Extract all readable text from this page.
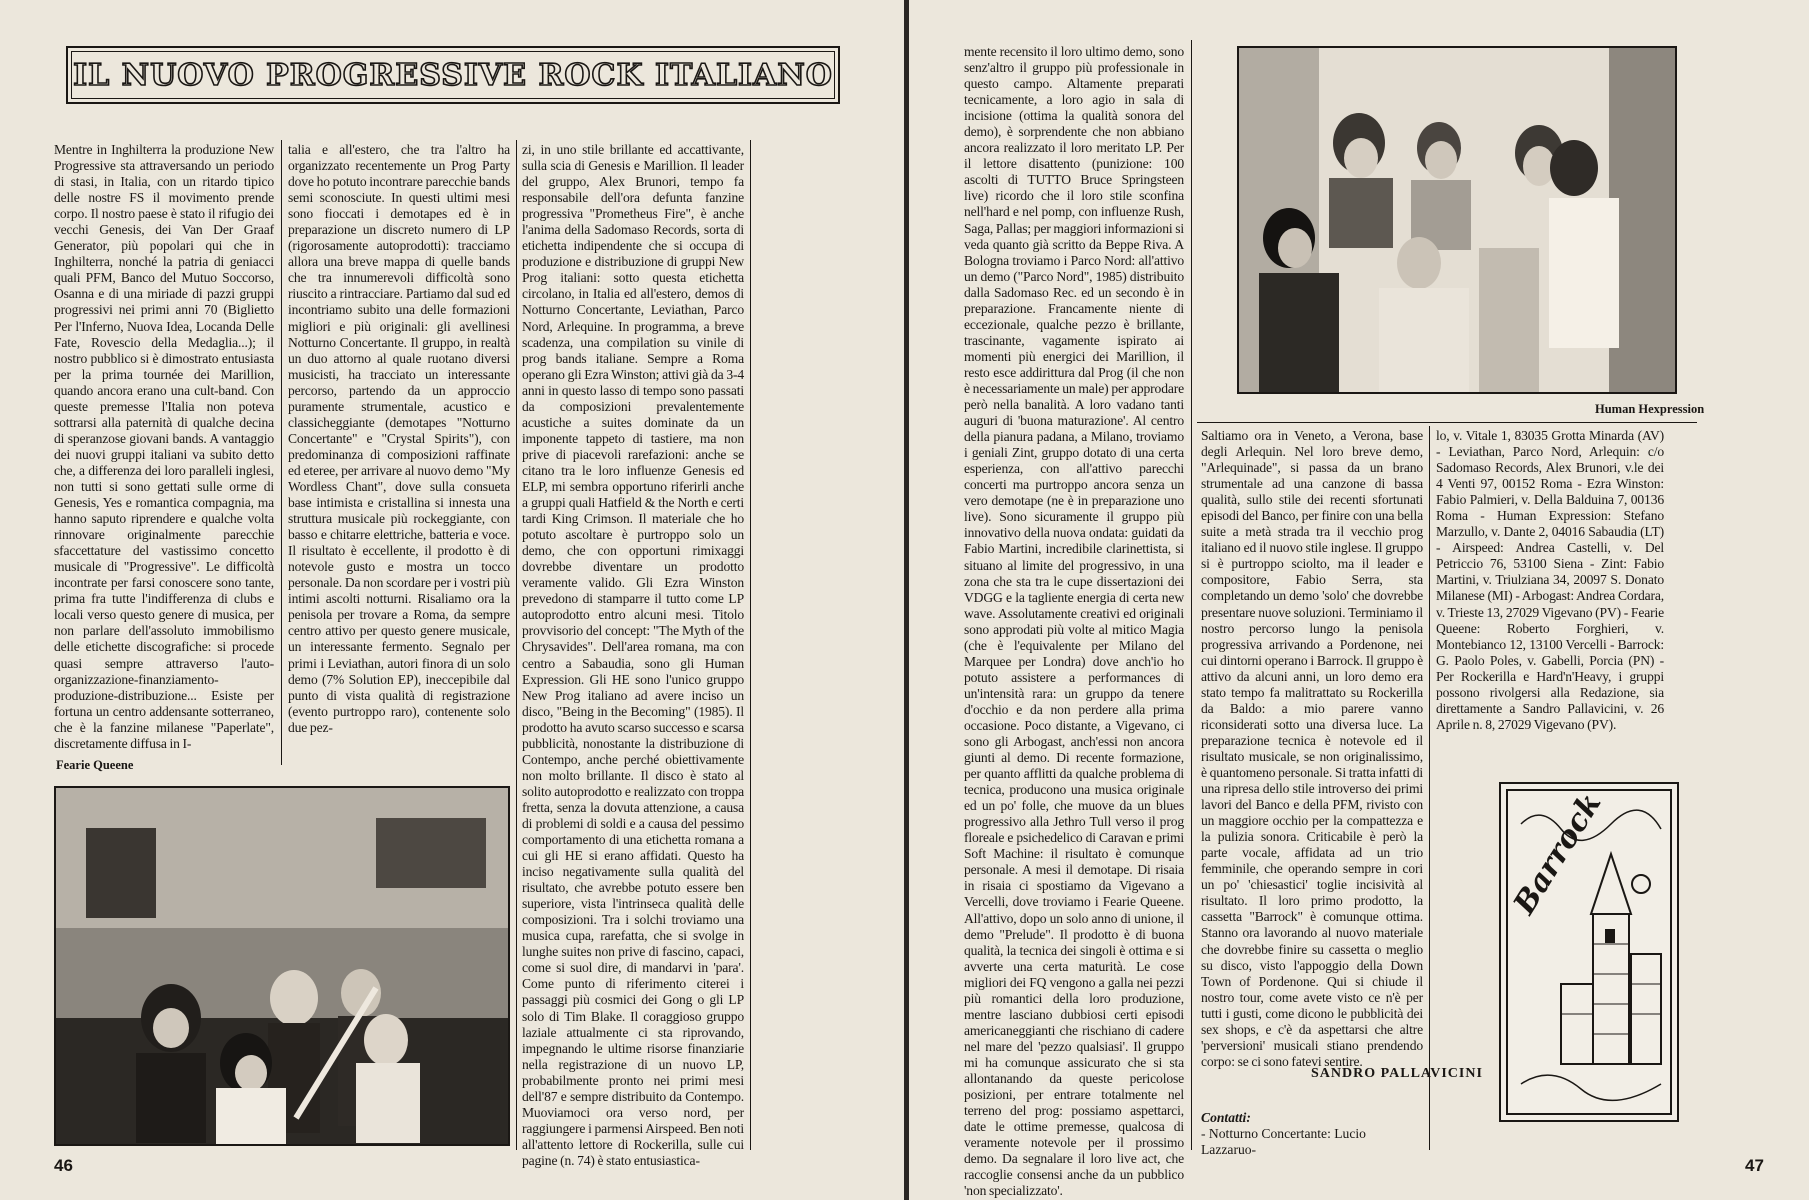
IL NUOVO PROGRESSIVE ROCK ITALIANO

Mentre in Inghilterra la produzione New Progressive sta attraversando un periodo di stasi, in Italia, con un ritardo tipico delle nostre FS il movimento prende corpo. Il nostro paese è stato il rifugio dei vecchi Genesis, dei Van Der Graaf Generator, più popolari qui che in Inghilterra, nonché la patria di geniacci quali PFM, Banco del Mutuo Soccorso, Osanna e di una miriade di pazzi gruppi progressivi nei primi anni 70 (Biglietto Per l'Inferno, Nuova Idea, Locanda Delle Fate, Rovescio della Medaglia...); il nostro pubblico si è dimostrato entusiasta per la prima tournée dei Marillion, quando ancora erano una cult-band. Con queste premesse l'Italia non poteva sottrarsi alla paternità di qualche decina di speranzose giovani bands. A vantaggio dei nuovi gruppi italiani va subito detto che, a differenza dei loro paralleli inglesi, non tutti si sono gettati sulle orme di Genesis, Yes e romantica compagnia, ma hanno saputo riprendere e qualche volta rinnovare originalmente parecchie sfaccettature del vastissimo concetto musicale di "Progressive". Le difficoltà incontrate per farsi conoscere sono tante, prima fra tutte l'indifferenza di clubs e locali verso questo genere di musica, per non parlare dell'assoluto immobilismo delle etichette discografiche: si procede quasi sempre attraverso l'auto-organizzazione-finanziamento-produzione-distribuzione... Esiste per fortuna un centro addensante sotterraneo, che è la fanzine milanese "Paperlate", discretamente diffusa in I-

talia e all'estero, che tra l'altro ha organizzato recentemente un Prog Party dove ho potuto incontrare parecchie bands semi sconosciute. In questi ultimi mesi sono fioccati i demotapes ed è in preparazione un discreto numero di LP (rigorosamente autoprodotti): tracciamo allora una breve mappa di quelle bands che tra innumerevoli difficoltà sono riuscito a rintracciare. Partiamo dal sud ed incontriamo subito una delle formazioni migliori e più originali: gli avellinesi Notturno Concertante. Il gruppo, in realtà un duo attorno al quale ruotano diversi musicisti, ha tracciato un interessante percorso, partendo da un approccio puramente strumentale, acustico e classicheggiante (demotapes "Notturno Concertante" e "Crystal Spirits"), con predominanza di composizioni raffinate ed eteree, per arrivare al nuovo demo "My Wordless Chant", dove sulla consueta base intimista e cristallina si innesta una struttura musicale più rockeggiante, con basso e chitarre elettriche, batteria e voce. Il risultato è eccellente, il prodotto è di notevole gusto e mostra un tocco personale. Da non scordare per i vostri più intimi ascolti notturni. Risaliamo ora la penisola per trovare a Roma, da sempre centro attivo per questo genere musicale, un interessante fermento. Segnalo per primi i Leviathan, autori finora di un solo demo (7% Solution EP), ineccepibile dal punto di vista qualità di registrazione (evento purtroppo raro), contenente solo due pez-

zi, in uno stile brillante ed accattivante, sulla scia di Genesis e Marillion. Il leader del gruppo, Alex Brunori, tempo fa responsabile dell'ora defunta fanzine progressiva "Prometheus Fire", è anche l'anima della Sadomaso Records, sorta di etichetta indipendente che si occupa di produzione e distribuzione di gruppi New Prog italiani: sotto questa etichetta circolano, in Italia ed all'estero, demos di Notturno Concertante, Leviathan, Parco Nord, Arlequine. In programma, a breve scadenza, una compilation su vinile di prog bands italiane. Sempre a Roma operano gli Ezra Winston; attivi già da 3-4 anni in questo lasso di tempo sono passati da composizioni prevalentemente acustiche a suites dominate da un imponente tappeto di tastiere, ma non prive di piacevoli rarefazioni: anche se citano tra le loro influenze Genesis ed ELP, mi sembra opportuno riferirli anche a gruppi quali Hatfield & the North e certi tardi King Crimson. Il materiale che ho potuto ascoltare è purtroppo solo un demo, che con opportuni rimixaggi dovrebbe diventare un prodotto veramente valido. Gli Ezra Winston prevedono di stamparre il tutto come LP autoprodotto entro alcuni mesi. Titolo provvisorio del concept: "The Myth of the Chrysavides". Dell'area romana, ma con centro a Sabaudia, sono gli Human Expression. Gli HE sono l'unico gruppo New Prog italiano ad avere inciso un disco, "Being in the Becoming" (1985). Il prodotto ha avuto scarso successo e scarsa pubblicità, nonostante la distribuzione di Contempo, anche perché obiettivamente non molto brillante. Il disco è stato al solito autoprodotto e realizzato con troppa fretta, senza la dovuta attenzione, a causa di problemi di soldi e a causa del pessimo comportamento di una etichetta romana a cui gli HE si erano affidati. Questo ha inciso negativamente sulla qualità del risultato, che avrebbe potuto essere ben superiore, vista l'intrinseca qualità delle composizioni. Tra i solchi troviamo una musica cupa, rarefatta, che si svolge in lunghe suites non prive di fascino, capaci, come si suol dire, di mandarvi in 'para'. Come punto di riferimento citerei i passaggi più cosmici dei Gong o gli LP solo di Tim Blake. Il coraggioso gruppo laziale attualmente ci sta riprovando, impegnando le ultime risorse finanziarie nella registrazione di un nuovo LP, probabilmente pronto nei primi mesi dell'87 e sempre distribuito da Contempo. Muoviamoci ora verso nord, per raggiungere i parmensi Airspeed. Ben noti all'attento lettore di Rockerilla, sulle cui pagine (n. 74) è stato entusiastica-

Fearie Queene
46

mente recensito il loro ultimo demo, sono senz'altro il gruppo più professionale in questo campo. Altamente preparati tecnicamente, a loro agio in sala di incisione (ottima la qualità sonora del demo), è sorprendente che non abbiano ancora realizzato il loro meritato LP. Per il lettore disattento (punizione: 100 ascolti di TUTTO Bruce Springsteen live) ricordo che il loro stile sconfina nell'hard e nel pomp, con influenze Rush, Saga, Pallas; per maggiori informazioni si veda quanto già scritto da Beppe Riva. A Bologna troviamo i Parco Nord: all'attivo un demo ("Parco Nord", 1985) distribuito dalla Sadomaso Rec. ed un secondo è in preparazione. Francamente niente di eccezionale, qualche pezzo è brillante, trascinante, vagamente ispirato ai momenti più energici dei Marillion, il resto esce addirittura dal Prog (il che non è necessariamente un male) per approdare però nella banalità. A loro vadano tanti auguri di 'buona maturazione'. Al centro della pianura padana, a Milano, troviamo i geniali Zint, gruppo dotato di una certa esperienza, con all'attivo parecchi concerti ma purtroppo ancora senza un vero demotape (ne è in preparazione uno live). Sono sicuramente il gruppo più innovativo della nuova ondata: guidati da Fabio Martini, incredibile clarinettista, si situano al limite del progressivo, in una zona che sta tra le cupe dissertazioni dei VDGG e la tagliente energia di certa new wave. Assolutamente creativi ed originali sono approdati più volte al mitico Magia (che è l'equivalente per Milano del Marquee per Londra) dove anch'io ho potuto assistere a performances di un'intensità rara: un gruppo da tenere d'occhio e da non perdere alla prima occasione. Poco distante, a Vigevano, ci sono gli Arbogast, anch'essi non ancora giunti al demo. Di recente formazione, per quanto afflitti da qualche problema di tecnica, producono una musica originale ed un po' folle, che muove da un blues progressivo alla Jethro Tull verso il prog floreale e psichedelico di Caravan e primi Soft Machine: il risultato è comunque personale. A mesi il demotape. Di risaia in risaia ci spostiamo da Vigevano a Vercelli, dove troviamo i Fearie Queene. All'attivo, dopo un solo anno di unione, il demo "Prelude". Il prodotto è di buona qualità, la tecnica dei singoli è ottima e si avverte una certa maturità. Le cose migliori dei FQ vengono a galla nei pezzi più romantici della loro produzione, mentre lasciano dubbiosi certi episodi americaneggianti che rischiano di cadere nel mare del 'pezzo qualsiasi'. Il gruppo mi ha comunque assicurato che si sta allontanando da queste pericolose posizioni, per entrare totalmente nel terreno del prog: possiamo aspettarci, date le ottime premesse, qualcosa di veramente notevole per il prossimo demo. Da segnalare il loro live act, che raccoglie consensi anche da un pubblico 'non specializzato'.

Human Hexpression

Saltiamo ora in Veneto, a Verona, base degli Arlequin. Nel loro breve demo, "Arlequinade", si passa da un brano strumentale ad una canzone di bassa qualità, sullo stile dei recenti sfortunati episodi del Banco, per finire con una bella suite a metà strada tra il vecchio prog italiano ed il nuovo stile inglese. Il gruppo si è purtroppo sciolto, ma il leader e compositore, Fabio Serra, sta completando un demo 'solo' che dovrebbe presentare nuove soluzioni. Terminiamo il nostro percorso lungo la penisola progressiva arrivando a Pordenone, nei cui dintorni operano i Barrock. Il gruppo è attivo da alcuni anni, un loro demo era stato tempo fa malitrattato su Rockerilla da Baldo: a mio parere vanno riconsiderati sotto una diversa luce. La preparazione tecnica è notevole ed il risultato musicale, se non originalissimo, è quantomeno personale. Si tratta infatti di una ripresa dello stile introverso dei primi lavori del Banco e della PFM, rivisto con un maggiore occhio per la compattezza e la pulizia sonora. Criticabile è però la parte vocale, affidata ad un trio femminile, che operando sempre in cori un po' 'chiesastici' toglie incisività al risultato. Il loro primo prodotto, la cassetta "Barrock" è comunque ottima. Stanno ora lavorando al nuovo materiale che dovrebbe finire su cassetta o meglio su disco, visto l'appoggio della Down Town of Pordenone. Qui si chiude il nostro tour, come avete visto ce n'è per tutti i gusti, come dicono le pubblicità dei sex shops, e c'è da aspettarsi che altre 'perversioni' musicali stiano prendendo corpo: se ci sono fatevi sentire.

SANDRO PALLAVICINI
Contatti:
- Notturno Concertante: Lucio Lazzaruo-

lo, v. Vitale 1, 83035 Grotta Minarda (AV) - Leviathan, Parco Nord, Arlequin: c/o Sadomaso Records, Alex Brunori, v.le dei 4 Venti 97, 00152 Roma - Ezra Winston: Fabio Palmieri, v. Della Balduina 7, 00136 Roma - Human Expression: Stefano Marzullo, v. Dante 2, 04016 Sabaudia (LT) - Airspeed: Andrea Castelli, v. Del Petriccio 76, 53100 Siena - Zint: Fabio Martini, v. Triulziana 34, 20097 S. Donato Milanese (MI) - Arbogast: Andrea Cordara, v. Trieste 13, 27029 Vigevano (PV) - Fearie Queene: Roberto Forghieri, v. Montebianco 12, 13100 Vercelli - Barrock: G. Paolo Poles, v. Gabelli, Porcia (PN) - Per Rockerilla e Hard'n'Heavy, i gruppi possono rivolgersi alla Redazione, sia direttamente a Sandro Pallavicini, v. 26 Aprile n. 8, 27029 Vigevano (PV).

Barrock
47
